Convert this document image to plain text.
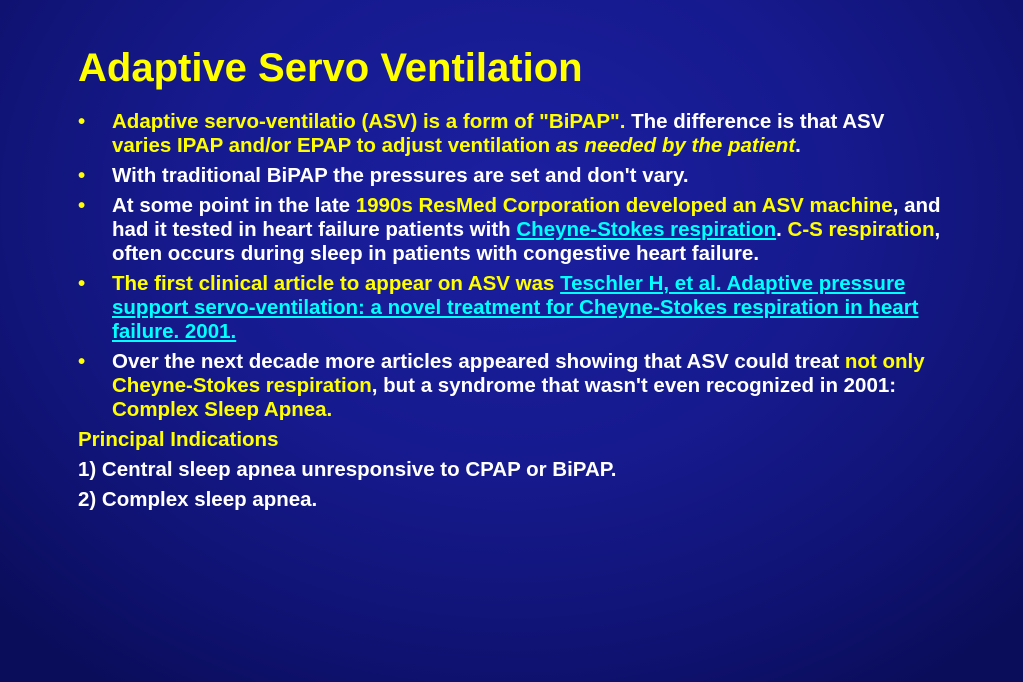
Adaptive Servo Ventilation
• Adaptive servo-ventilatio (ASV) is a form of "BiPAP". The difference is that ASV varies IPAP and/or EPAP to adjust ventilation as needed by the patient.
• With traditional BiPAP the pressures are set and don't vary.
• At some point in the late 1990s ResMed Corporation developed an ASV machine, and had it tested in heart failure patients with Cheyne-Stokes respiration. C-S respiration, often occurs during sleep in patients with congestive heart failure.
• The first clinical article to appear on ASV was Teschler H, et al. Adaptive pressure support servo-ventilation: a novel treatment for Cheyne-Stokes respiration in heart failure. 2001.
• Over the next decade more articles appeared showing that ASV could treat not only Cheyne-Stokes respiration, but a syndrome that wasn't even recognized in 2001: Complex Sleep Apnea.

Principal Indications

1) Central sleep apnea unresponsive to CPAP or BiPAP.

2) Complex sleep apnea.
